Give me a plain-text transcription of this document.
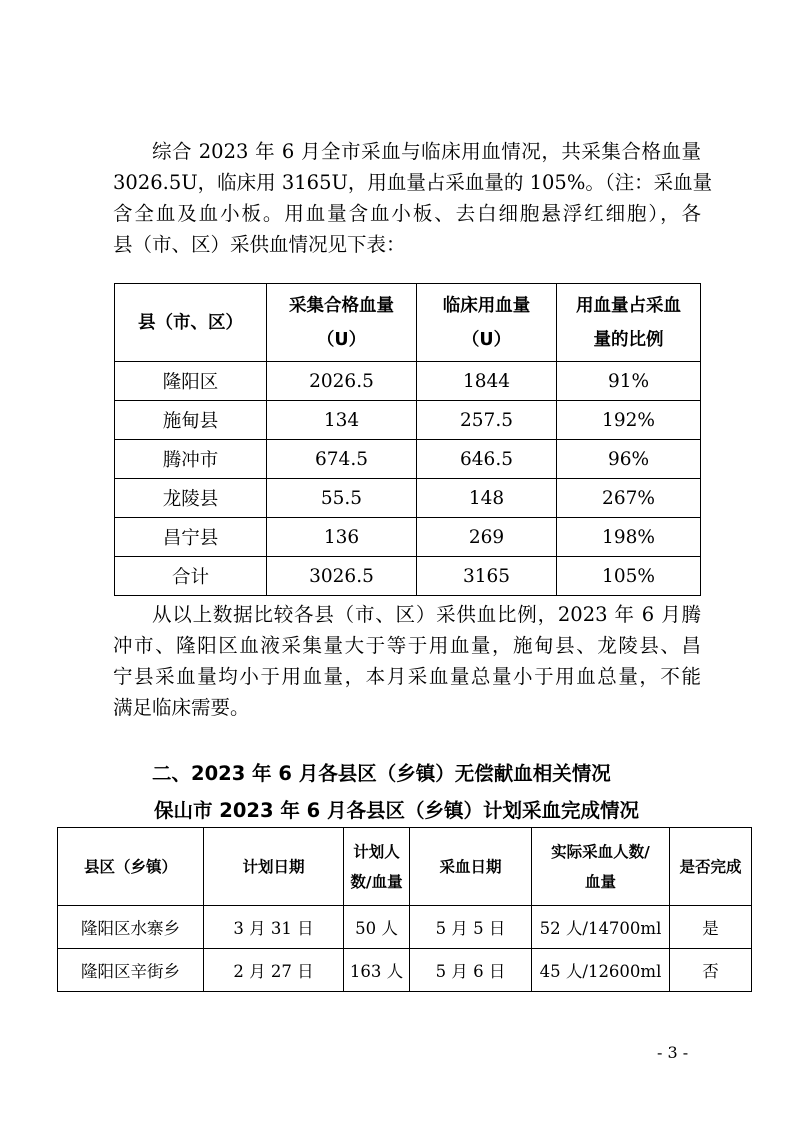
综合 2023 年 6 月全市采血与临床用血情况，共采集合格血量
3026.5U，临床用 3165U，用血量占采血量的 105%。（注：采血量
含全血及血小板。用血量含血小板、去白细胞悬浮红细胞），各
县（市、区）采供血情况见下表：
县（市、区）	采集合格血量（U）	临床用血量（U）	用血量占采血量的比例

隆阳区	2026.5	1844	91%
施甸县	134	257.5	192%
腾冲市	674.5	646.5	96%
龙陵县	55.5	148	267%
昌宁县	136	269	198%
合计	3026.5	3165	105%
从以上数据比较各县（市、区）采供血比例，2023 年 6 月腾
冲市、隆阳区血液采集量大于等于用血量，施甸县、龙陵县、昌
宁县采血量均小于用血量，本月采血量总量小于用血总量，不能
满足临床需要。
二、2023 年 6 月各县区（乡镇）无偿献血相关情况
保山市 2023 年 6 月各县区（乡镇）计划采血完成情况
县区（乡镇）	计划日期	计划人数/血量	采血日期	实际采血人数/血量	是否完成
隆阳区水寨乡	3 月 31 日	50 人	5 月 5 日	52 人/14700ml	是
隆阳区辛街乡	2 月 27 日	163 人	5 月 6 日	45 人/12600ml	否
- 3 -
